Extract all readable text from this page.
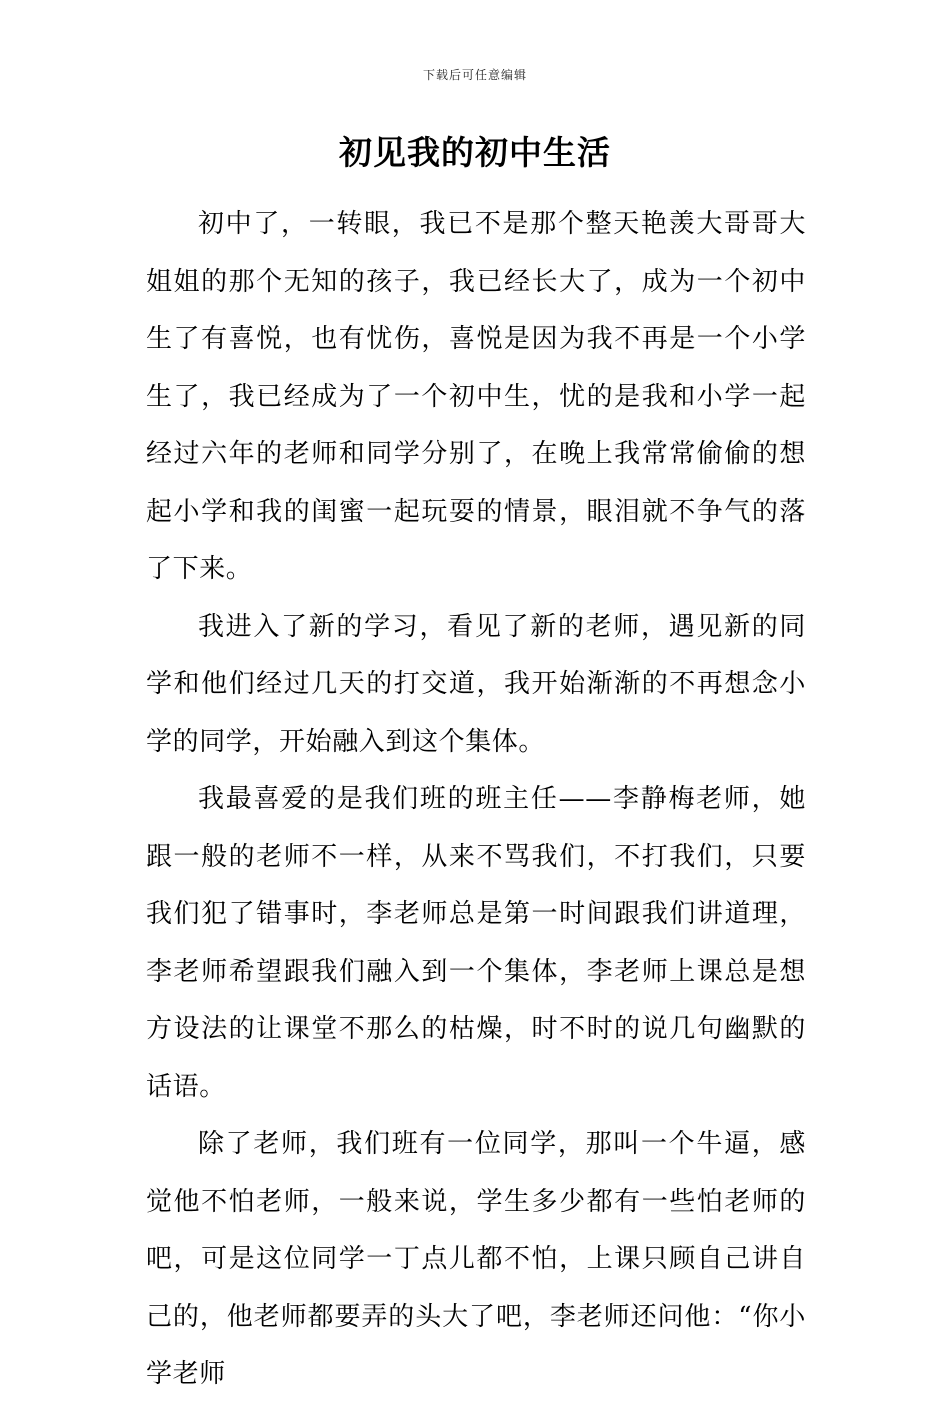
下载后可任意编辑
初见我的初中生活

初中了，一转眼，我已不是那个整天艳羡大哥哥大姐姐的那个无知的孩子，我已经长大了，成为一个初中生了有喜悦，也有忧伤，喜悦是因为我不再是一个小学生了，我已经成为了一个初中生，忧的是我和小学一起经过六年的老师和同学分别了，在晚上我常常偷偷的想起小学和我的闺蜜一起玩耍的情景，眼泪就不争气的落了下来。

我进入了新的学习，看见了新的老师，遇见新的同学和他们经过几天的打交道，我开始渐渐的不再想念小学的同学，开始融入到这个集体。

我最喜爱的是我们班的班主任——李静梅老师，她跟一般的老师不一样，从来不骂我们，不打我们，只要我们犯了错事时，李老师总是第一时间跟我们讲道理，李老师希望跟我们融入到一个集体，李老师上课总是想方设法的让课堂不那么的枯燥，时不时的说几句幽默的话语。

除了老师，我们班有一位同学，那叫一个牛逼，感觉他不怕老师，一般来说，学生多少都有一些怕老师的吧，可是这位同学一丁点儿都不怕，上课只顾自己讲自己的，他老师都要弄的头大了吧，李老师还问他：“你小学老师
